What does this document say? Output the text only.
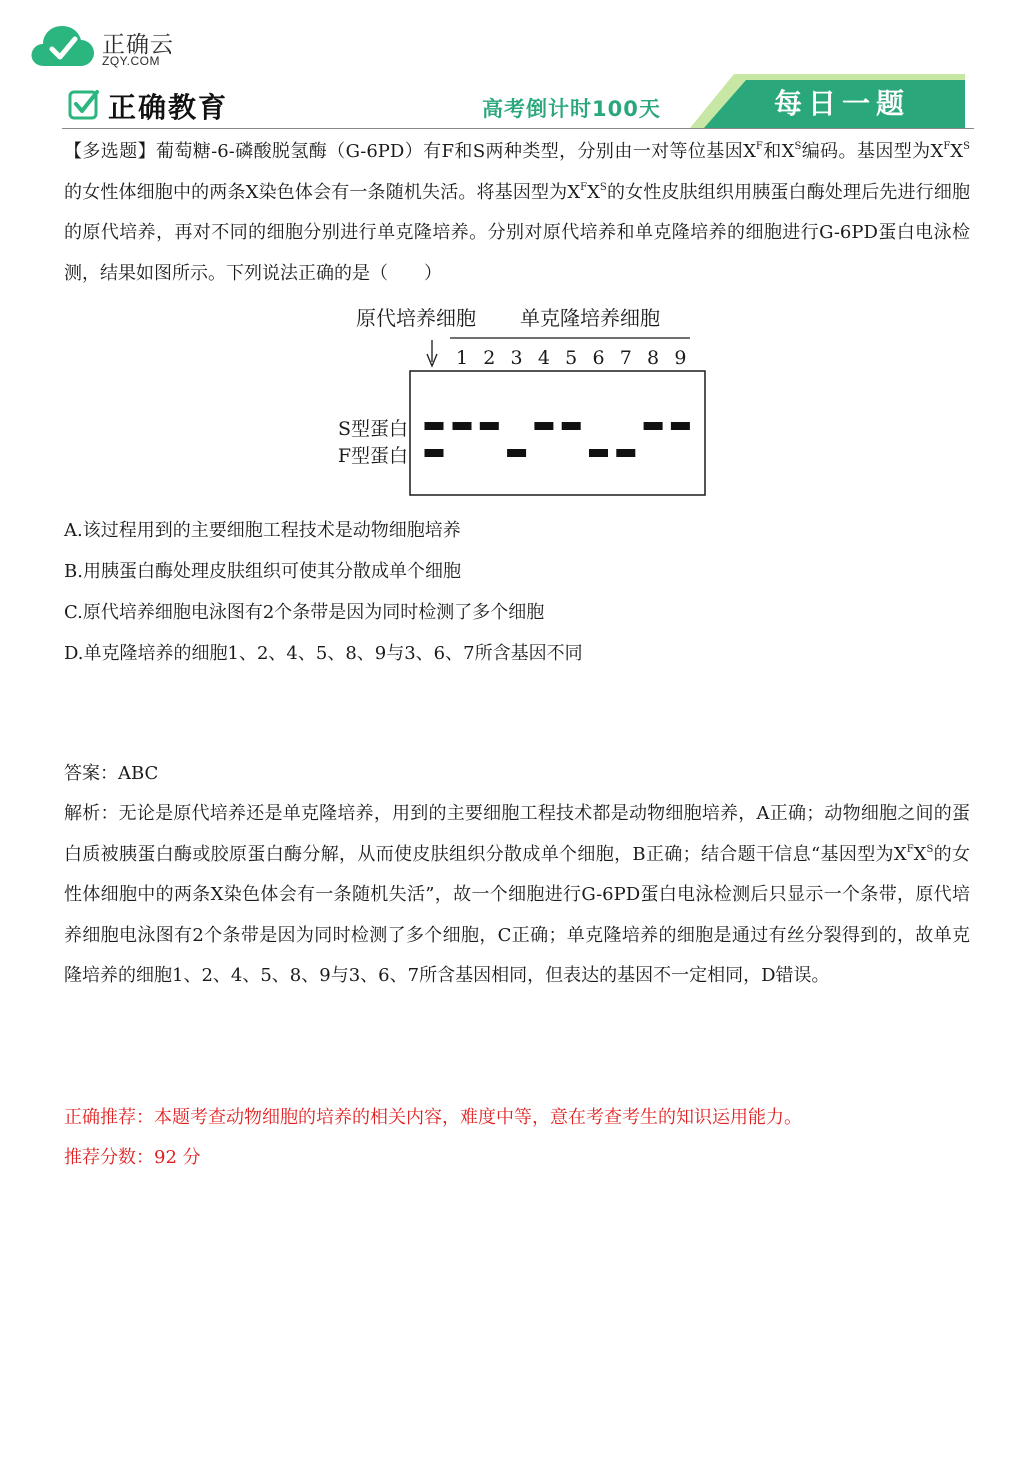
正确云
ZQY.COM
正确教育	高考倒计时100天	每日一题
【多选题】葡萄糖-6-磷酸脱氢酶（G-6PD）有F和S两种类型，分别由一对等位基因$X^F$和$X^S$编码。基因型为$X^FX^S$的女性体细胞中的两条X染色体会有一条随机失活。将基因型为$X^FX^S$的女性皮肤组织用胰蛋白酶处理后先进行细胞的原代培养，再对不同的细胞分别进行单克隆培养。分别对原代培养和单克隆培养的细胞进行G-6PD蛋白电泳检测，结果如图所示。下列说法正确的是（　　）
原代培养细胞 单克隆培养细胞
1 2 3 4 5 6 7 8 9
S型蛋白
F型蛋白
A.该过程用到的主要细胞工程技术是动物细胞培养
B.用胰蛋白酶处理皮肤组织可使其分散成单个细胞
C.原代培养细胞电泳图有2个条带是因为同时检测了多个细胞
D.单克隆培养的细胞1、2、4、5、8、9与3、6、7所含基因不同
答案：ABC
解析：无论是原代培养还是单克隆培养，用到的主要细胞工程技术都是动物细胞培养，A正确；动物细胞之间的蛋白质被胰蛋白酶或胶原蛋白酶分解，从而使皮肤组织分散成单个细胞，B正确；结合题干信息“基因型为$X^FX^S$的女性体细胞中的两条X染色体会有一条随机失活”，故一个细胞进行G-6PD蛋白电泳检测后只显示一个条带，原代培养细胞电泳图有2个条带是因为同时检测了多个细胞，C正确；单克隆培养的细胞是通过有丝分裂得到的，故单克隆培养的细胞1、2、4、5、8、9与3、6、7所含基因相同，但表达的基因不一定相同，D错误。
正确推荐：本题考查动物细胞的培养的相关内容，难度中等，意在考查考生的知识运用能力。
推荐分数：92 分
